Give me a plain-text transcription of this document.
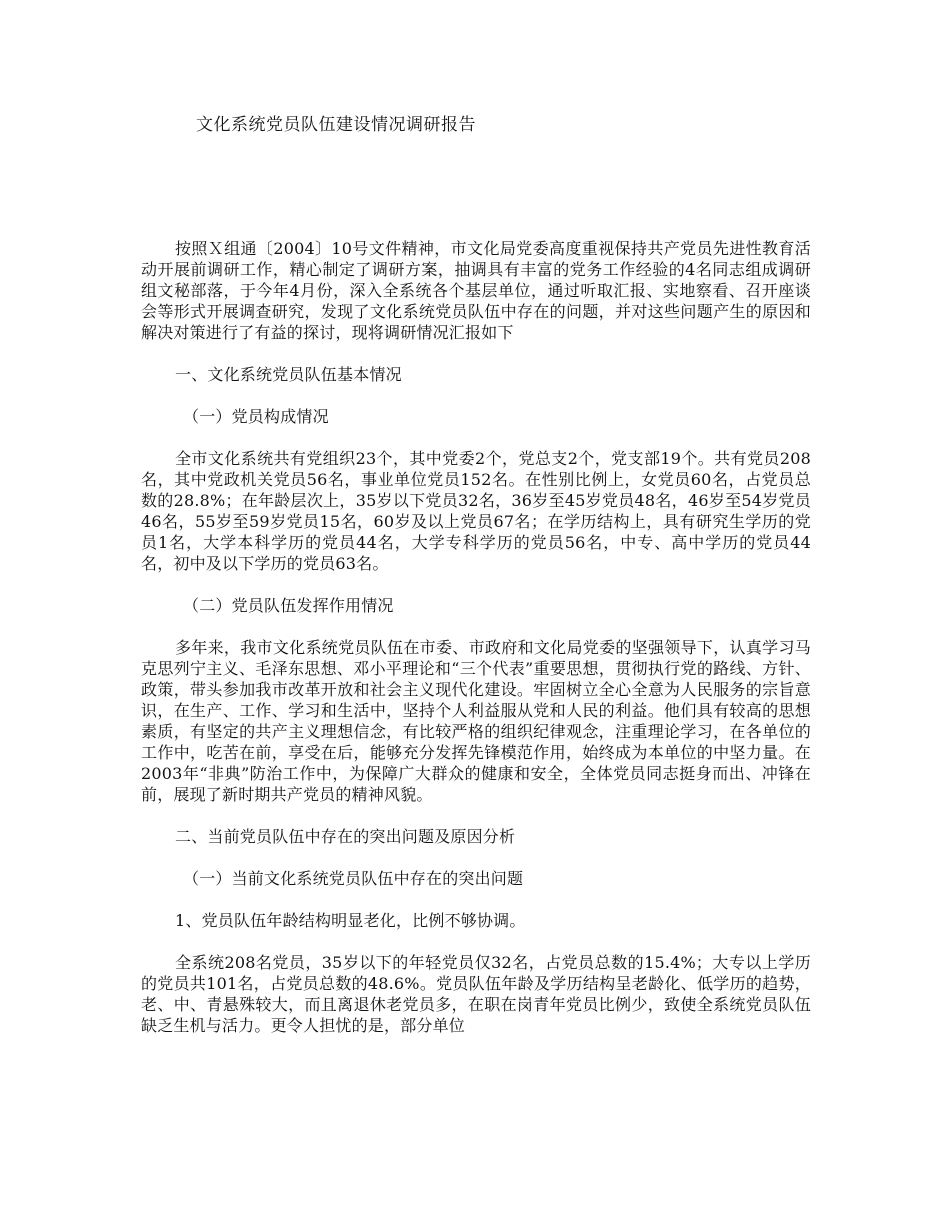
文化系统党员队伍建设情况调研报告

按照Ｘ组通〔2004〕10号文件精神，市文化局党委高度重视保持共产党员先进性教育活动开展前调研工作，精心制定了调研方案，抽调具有丰富的党务工作经验的4名同志组成调研组文秘部落，于今年4月份，深入全系统各个基层单位，通过听取汇报、实地察看、召开座谈会等形式开展调查研究，发现了文化系统党员队伍中存在的问题，并对这些问题产生的原因和解决对策进行了有益的探讨，现将调研情况汇报如下

一、文化系统党员队伍基本情况

（一）党员构成情况

全市文化系统共有党组织23个，其中党委2个，党总支2个，党支部19个。共有党员208名，其中党政机关党员56名，事业单位党员152名。在性别比例上，女党员60名，占党员总数的28.8%；在年龄层次上，35岁以下党员32名，36岁至45岁党员48名，46岁至54岁党员46名，55岁至59岁党员15名，60岁及以上党员67名；在学历结构上，具有研究生学历的党员1名，大学本科学历的党员44名，大学专科学历的党员56名，中专、高中学历的党员44名，初中及以下学历的党员63名。

（二）党员队伍发挥作用情况

多年来，我市文化系统党员队伍在市委、市政府和文化局党委的坚强领导下，认真学习马克思列宁主义、毛泽东思想、邓小平理论和“三个代表”重要思想，贯彻执行党的路线、方针、政策，带头参加我市改革开放和社会主义现代化建设。牢固树立全心全意为人民服务的宗旨意识，在生产、工作、学习和生活中，坚持个人利益服从党和人民的利益。他们具有较高的思想素质，有坚定的共产主义理想信念，有比较严格的组织纪律观念，注重理论学习，在各单位的工作中，吃苦在前，享受在后，能够充分发挥先锋模范作用，始终成为本单位的中坚力量。在2003年“非典”防治工作中，为保障广大群众的健康和安全，全体党员同志挺身而出、冲锋在前，展现了新时期共产党员的精神风貌。

二、当前党员队伍中存在的突出问题及原因分析

（一）当前文化系统党员队伍中存在的突出问题

1、党员队伍年龄结构明显老化，比例不够协调。

全系统208名党员，35岁以下的年轻党员仅32名，占党员总数的15.4%；大专以上学历的党员共101名，占党员总数的48.6%。党员队伍年龄及学历结构呈老龄化、低学历的趋势，老、中、青悬殊较大，而且离退休老党员多，在职在岗青年党员比例少，致使全系统党员队伍缺乏生机与活力。更令人担忧的是，部分单位
